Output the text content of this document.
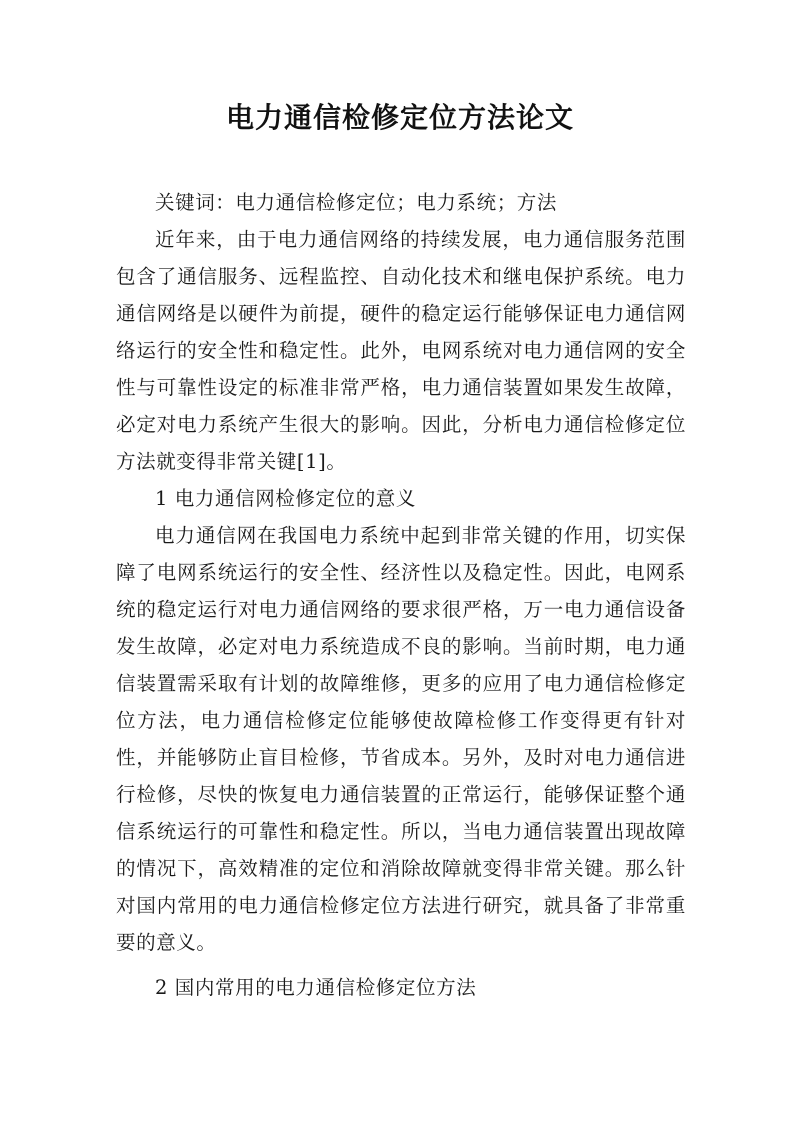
电力通信检修定位方法论文

关键词：电力通信检修定位；电力系统；方法

近年来，由于电力通信网络的持续发展，电力通信服务范围包含了通信服务、远程监控、自动化技术和继电保护系统。电力通信网络是以硬件为前提，硬件的稳定运行能够保证电力通信网络运行的安全性和稳定性。此外，电网系统对电力通信网的安全性与可靠性设定的标准非常严格，电力通信装置如果发生故障，必定对电力系统产生很大的影响。因此，分析电力通信检修定位方法就变得非常关键[1]。

1 电力通信网检修定位的意义

电力通信网在我国电力系统中起到非常关键的作用，切实保障了电网系统运行的安全性、经济性以及稳定性。因此，电网系统的稳定运行对电力通信网络的要求很严格，万一电力通信设备发生故障，必定对电力系统造成不良的影响。当前时期，电力通信装置需采取有计划的故障维修，更多的应用了电力通信检修定位方法，电力通信检修定位能够使故障检修工作变得更有针对性，并能够防止盲目检修，节省成本。另外，及时对电力通信进行检修，尽快的恢复电力通信装置的正常运行，能够保证整个通信系统运行的可靠性和稳定性。所以，当电力通信装置出现故障的情况下，高效精准的定位和消除故障就变得非常关键。那么针对国内常用的电力通信检修定位方法进行研究，就具备了非常重要的意义。

2 国内常用的电力通信检修定位方法
